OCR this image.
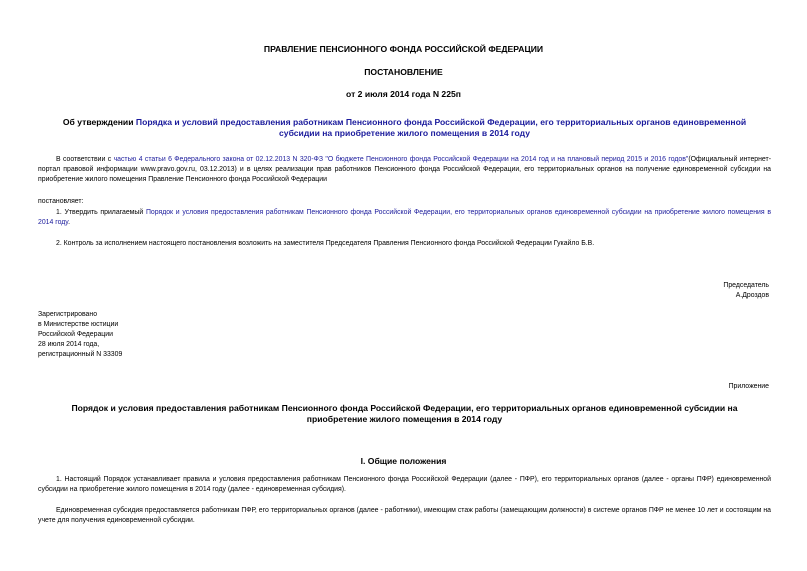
ПРАВЛЕНИЕ ПЕНСИОННОГО ФОНДА РОССИЙСКОЙ ФЕДЕРАЦИИ
ПОСТАНОВЛЕНИЕ
от 2 июля 2014 года N 225п
Об утверждении Порядка и условий предоставления работникам Пенсионного фонда Российской Федерации, его территориальных органов единовременной
субсидии на приобретение жилого помещения в 2014 году

В соответствии с частью 4 статьи 6 Федерального закона от 02.12.2013 N 320-ФЗ "О бюджете Пенсионного фонда Российской Федерации на 2014 год и на плановый период 2015 и 2016 годов"(Официальный интернет-портал правовой информации www.pravo.gov.ru, 03.12.2013) и в целях реализации прав работников Пенсионного фонда Российской Федерации, его территориальных органов на получение единовременной субсидии на приобретение жилого помещения Правление Пенсионного фонда Российской Федерации

постановляет:

1. Утвердить прилагаемый Порядок и условия предоставления работникам Пенсионного фонда Российской Федерации, его территориальных органов единовременной субсидии на приобретение жилого помещения в 2014 году.

2. Контроль за исполнением настоящего постановления возложить на заместителя Председателя Правления Пенсионного фонда Российской Федерации Гукайло Б.В.

Председатель
А.Дроздов
Зарегистрировано
в Министерстве юстиции
Российской Федерации
28 июля 2014 года,
регистрационный N 33309
Приложение
Порядок и условия предоставления работникам Пенсионного фонда Российской Федерации, его территориальных органов единовременной субсидии на
приобретение жилого помещения в 2014 году
I. Общие положения

1. Настоящий Порядок устанавливает правила и условия предоставления работникам Пенсионного фонда Российской Федерации (далее - ПФР), его территориальных органов (далее - органы ПФР) единовременной субсидии на приобретение жилого помещения в 2014 году (далее - единовременная субсидия).

Единовременная субсидия предоставляется работникам ПФР, его территориальных органов (далее - работники), имеющим стаж работы (замещающим должности) в системе органов ПФР не менее 10 лет и состоящим на учете для получения единовременной субсидии.
